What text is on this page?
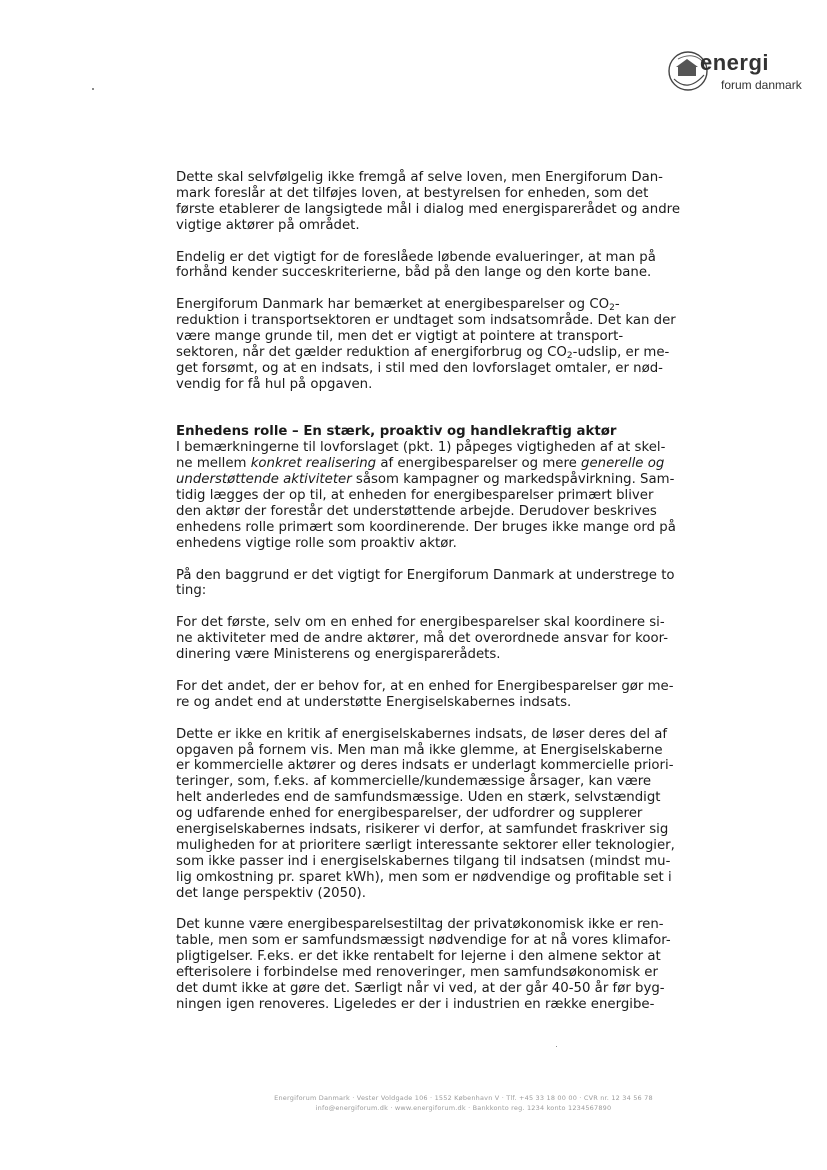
energi
forum danmark

Dette skal selvfølgelig ikke fremgå af selve loven, men Energiforum Dan-

mark foreslår at det tilføjes loven, at bestyrelsen for enheden, som det

første etablerer de langsigtede mål i dialog med energisparerådet og andre

vigtige aktører på området.

Endelig er det vigtigt for de foreslåede løbende evalueringer, at man på

forhånd kender succeskriterierne, båd på den lange og den korte bane.

Energiforum Danmark har bemærket at energibesparelser og $CO_2-$

reduktion i transportsektoren er undtaget som indsatsområde. Det kan der

være mange grunde til, men det er vigtigt at pointere at transport-

sektoren, når det gælder reduktion af energiforbrug og $CO_2$-udslip, er me-

get forsømt, og at en indsats, i stil med den lovforslaget omtaler, er nød-

vendig for få hul på opgaven.

Enhedens rolle – En stærk, proaktiv og handlekraftig aktør

I bemærkningerne til lovforslaget (pkt. 1) påpeges vigtigheden af at skel-

ne mellem konkret realisering af energibesparelser og mere generelle og

understøttende aktiviteter såsom kampagner og markedspåvirkning. Sam-

tidig lægges der op til, at enheden for energibesparelser primært bliver

den aktør der forestår det understøttende arbejde. Derudover beskrives

enhedens rolle primært som koordinerende. Der bruges ikke mange ord på

enhedens vigtige rolle som proaktiv aktør.

På den baggrund er det vigtigt for Energiforum Danmark at understrege to

ting:

For det første, selv om en enhed for energibesparelser skal koordinere si-

ne aktiviteter med de andre aktører, må det overordnede ansvar for koor-

dinering være Ministerens og energisparerådets.

For det andet, der er behov for, at en enhed for Energibesparelser gør me-

re og andet end at understøtte Energiselskabernes indsats.

Dette er ikke en kritik af energiselskabernes indsats, de løser deres del af

opgaven på fornem vis. Men man må ikke glemme, at Energiselskaberne

er kommercielle aktører og deres indsats er underlagt kommercielle priori-

teringer, som, f.eks. af kommercielle/kundemæssige årsager, kan være

helt anderledes end de samfundsmæssige. Uden en stærk, selvstændigt

og udfarende enhed for energibesparelser, der udfordrer og supplerer

energiselskabernes indsats, risikerer vi derfor, at samfundet fraskriver sig

muligheden for at prioritere særligt interessante sektorer eller teknologier,

som ikke passer ind i energiselskabernes tilgang til indsatsen (mindst mu-

lig omkostning pr. sparet kWh), men som er nødvendige og profitable set i

det lange perspektiv (2050).

Det kunne være energibesparelsestiltag der privatøkonomisk ikke er ren-

table, men som er samfundsmæssigt nødvendige for at nå vores klimafor-

pligtigelser. F.eks. er det ikke rentabelt for lejerne i den almene sektor at

efterisolere i forbindelse med renoveringer, men samfundsøkonomisk er

det dumt ikke at gøre det. Særligt når vi ved, at der går 40-50 år før byg-

ningen igen renoveres. Ligeledes er der i industrien en række energibe-

Energiforum Danmark · Vester Voldgade 106 · 1552 København V · Tlf. +45 33 18 00 00 · CVR nr. 12 34 56 78
info@energiforum.dk · www.energiforum.dk · Bankkonto reg. 1234 konto 1234567890
